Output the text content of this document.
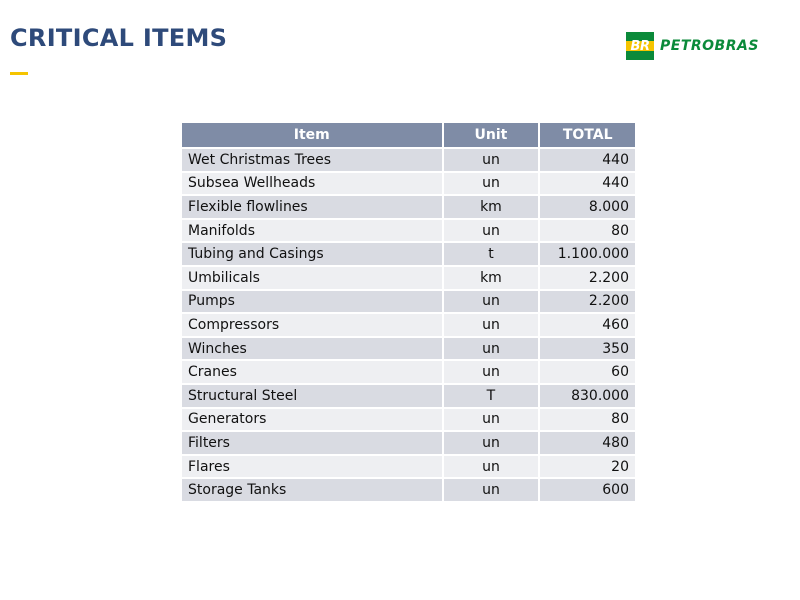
CRITICAL ITEMS	BR PETROBRAS
Item	Unit	TOTAL
Wet Christmas Trees	un	440
Subsea Wellheads	un	440
Flexible flowlines	km	8.000
Manifolds	un	80
Tubing and Casings	t	1.100.000
Umbilicals	km	2.200
Pumps	un	2.200
Compressors	un	460
Winches	un	350
Cranes	un	60
Structural Steel	T	830.000
Generators	un	80
Filters	un	480
Flares	un	20
Storage Tanks	un	600
